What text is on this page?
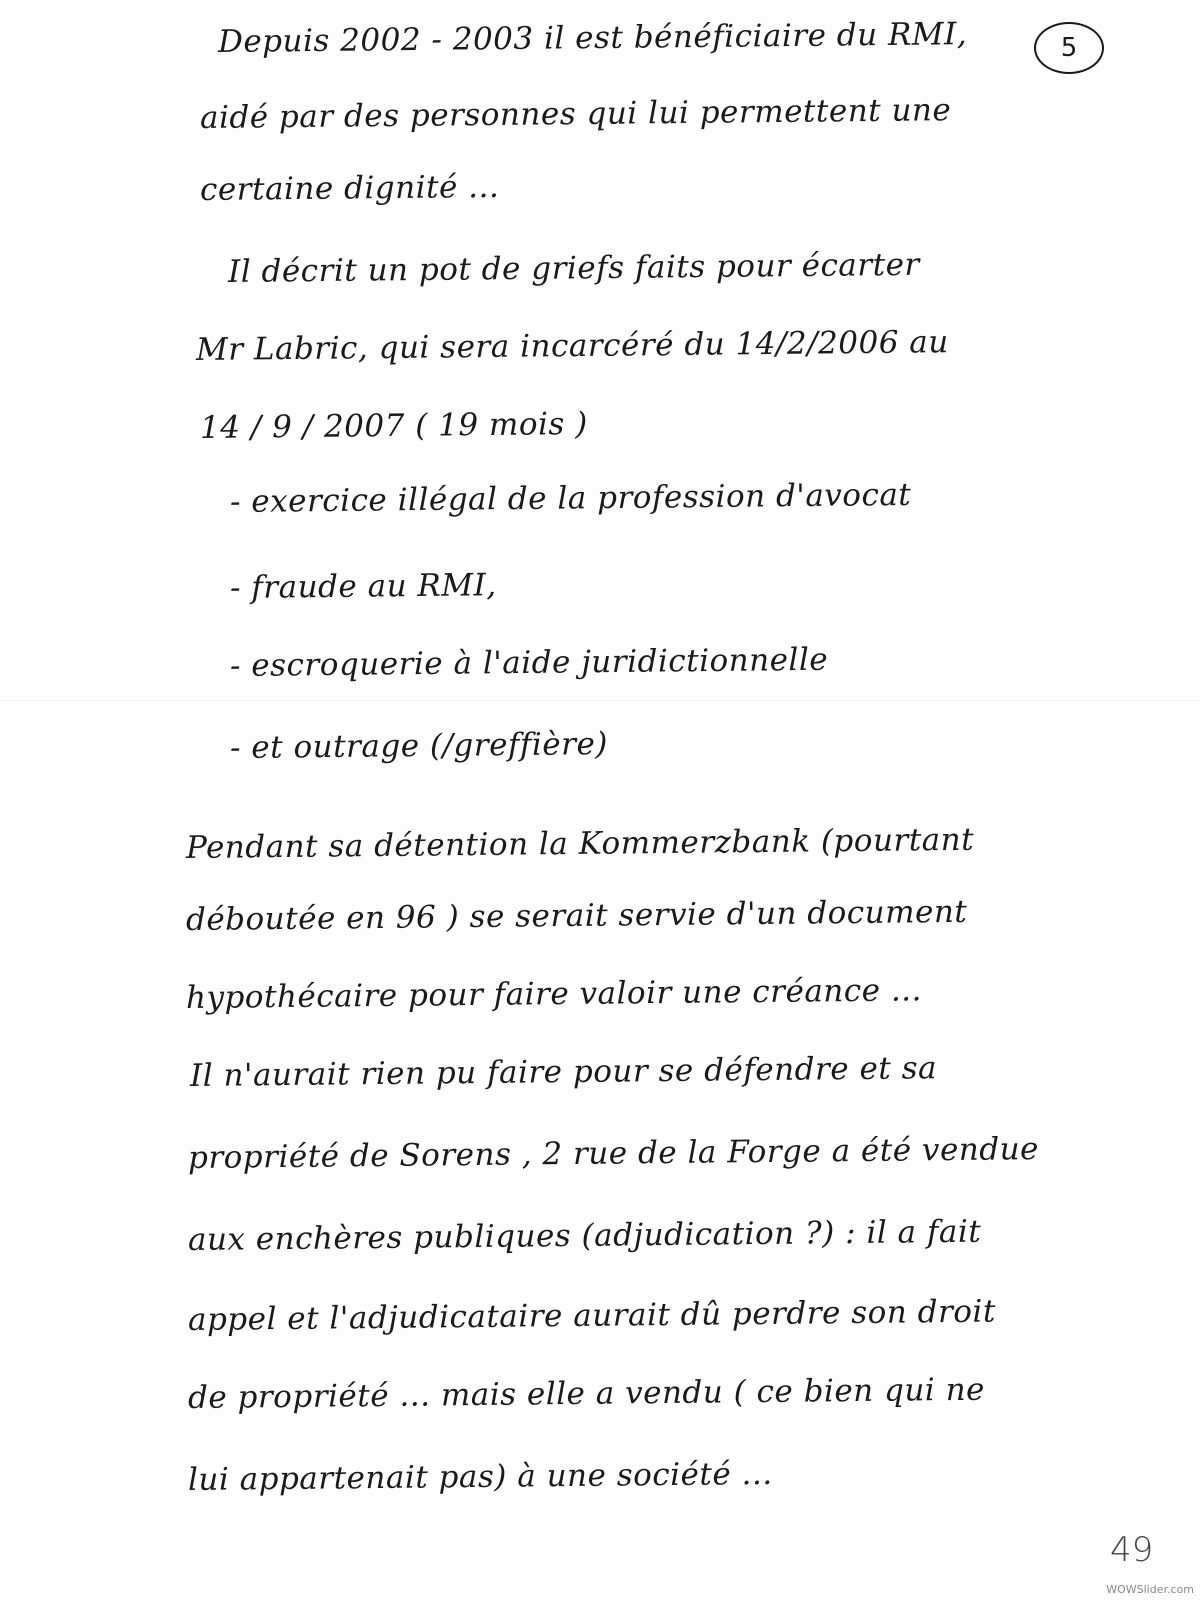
5
Depuis 2002 - 2003 il est bénéficiaire du RMI,
aidé par des personnes qui lui permettent une
certaine dignité ...
Il décrit un pot de griefs faits pour écarter
Mr Labric, qui sera incarcéré du 14/2/2006 au
14 / 9 / 2007 ( 19 mois )
- exercice illégal de la profession d'avocat
- fraude au RMI,
- escroquerie à l'aide juridictionnelle
- et outrage (/greffière)
Pendant sa détention la Kommerzbank (pourtant
déboutée en 96 ) se serait servie d'un document
hypothécaire pour faire valoir une créance ...
Il n'aurait rien pu faire pour se défendre et sa
propriété de Sorens , 2 rue de la Forge a été vendue
aux enchères publiques (adjudication ?) : il a fait
appel et l'adjudicataire aurait dû perdre son droit
de propriété ... mais elle a vendu ( ce bien qui ne
lui appartenait pas) à une société ...
49
WOWSlider.com
